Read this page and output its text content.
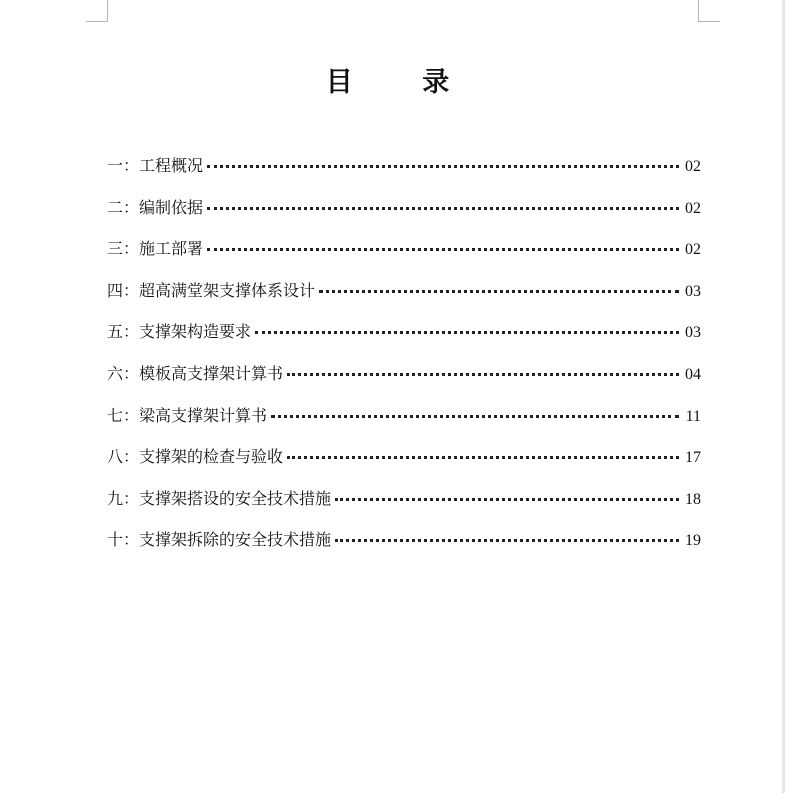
目 录
一：工程概况	02
二：编制依据	02
三：施工部署	02
四：超高满堂架支撑体系设计	03
五：支撑架构造要求	03
六：模板高支撑架计算书	04
七：梁高支撑架计算书	11
八：支撑架的检查与验收	17
九：支撑架搭设的安全技术措施	18
十：支撑架拆除的安全技术措施	19
